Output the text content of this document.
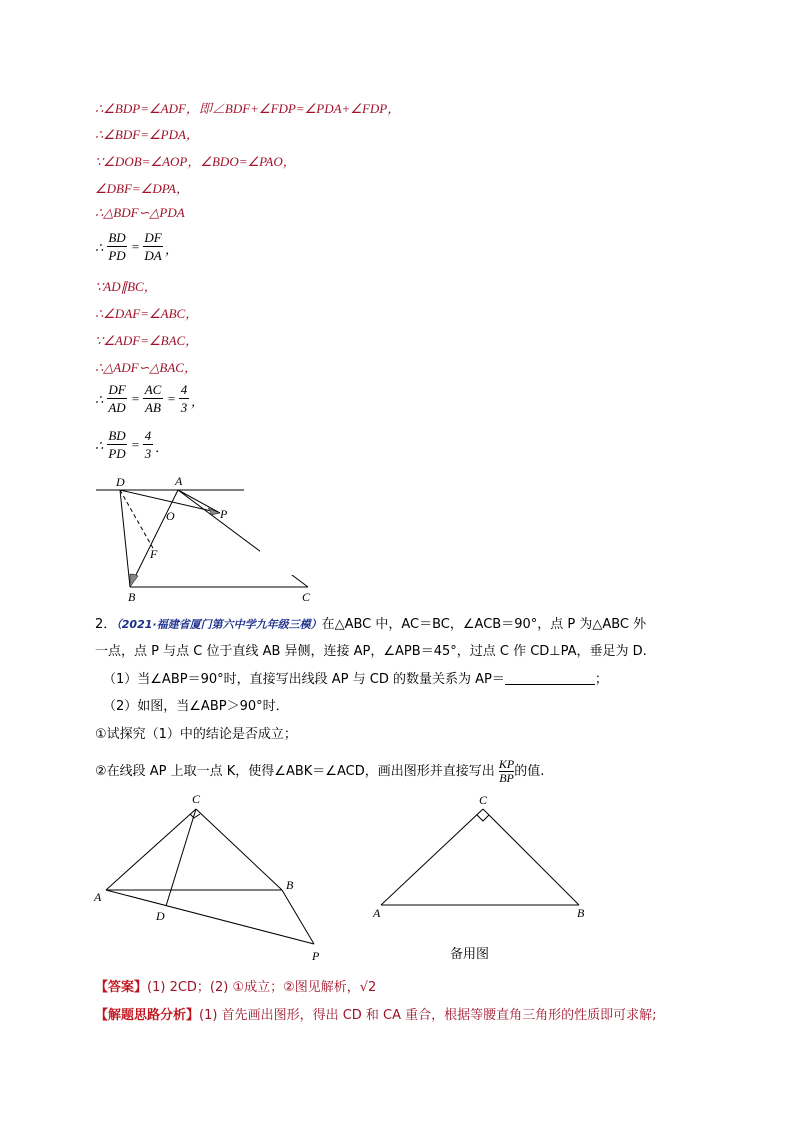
∴∠BDP=∠ADF，即∠BDF+∠FDP=∠PDA+∠FDP，
∴∠BDF=∠PDA，
∵∠DOB=∠AOP，∠BDO=∠PAO，
∠DBF=∠DPA，
∴△BDF∽△PDA
∴
BD
PD
=
DF
DA ，
∵AD∥BC，
∴∠DAF=∠ABC，
∵∠ADF=∠BAC，
∴△ADF∽△BAC，
∴
DF
AD
=
AC
AB
=
4
3 ，
∴
BD
PD
=
4
3 ．
D	A
O	P
F
B	C
2．（2021·福建省厦门第六中学九年级三模）在△ABC 中，AC＝BC，∠ACB＝90°，点 P 为△ABC 外
一点，点 P 与点 C 位于直线 AB 异侧，连接 AP，∠APB＝45°，过点 C 作 CD⊥PA，垂足为 D.
（1）当∠ABP＝90°时，直接写出线段 AP 与 CD 的数量关系为 AP＝	；
（2）如图，当∠ABP＞90°时．
①试探究（1）中的结论是否成立；
②在线段 AP 上取一点 K，使得∠ABK＝∠ACD，画出图形并直接写出 $\frac{KP}{BP}$ 的值.
C
A
B
D
P
C
A	B
备用图
【答案】(1) 2CD；(2) ①成立；②图见解析，√2
【解题思路分析】(1) 首先画出图形，得出 CD 和 CA 重合，根据等腰直角三角形的性质即可求解;
